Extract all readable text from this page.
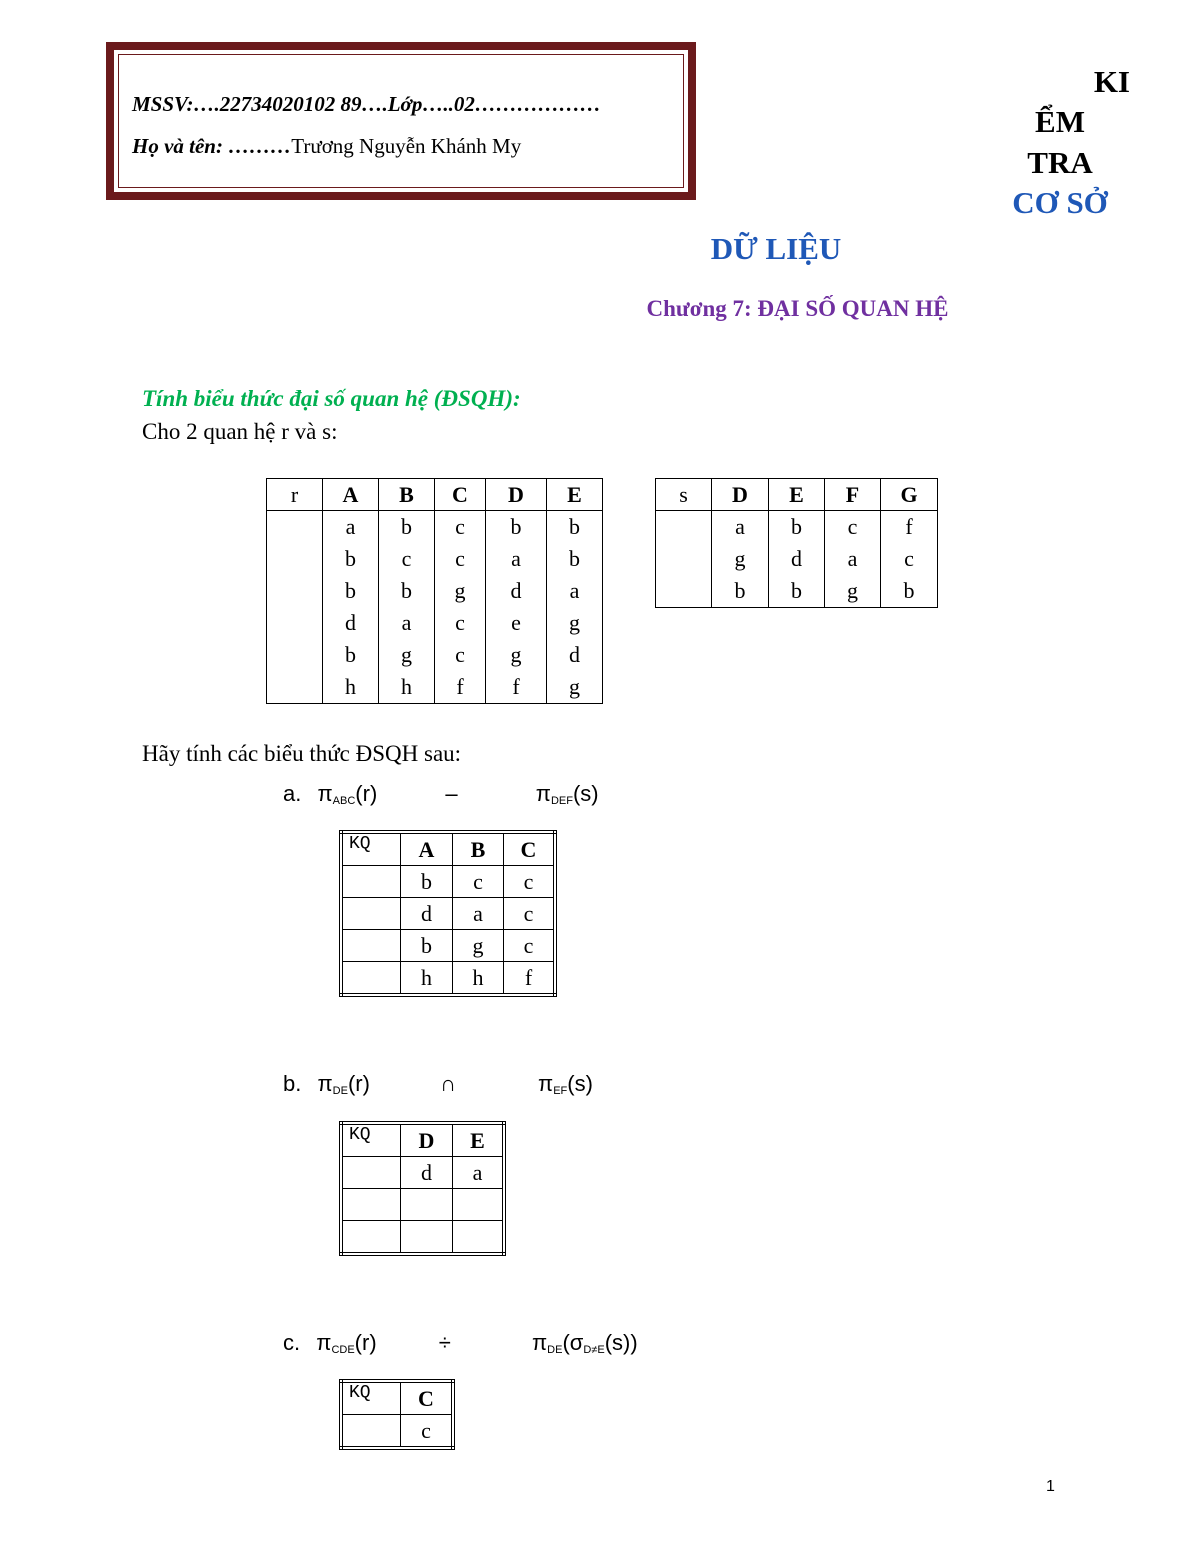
MSSV:….22734020102 89….Lớp…..02………………
Họ và tên: ………Trương Nguyễn Khánh My
KI
ỂM
TRA
CƠ SỞ
DỮ LIỆU
Chương 7: ĐẠI SỐ QUAN HỆ
Tính biểu thức đại số quan hệ (ĐSQH):
Cho 2 quan hệ r và s:
r	A	B	C	D	E
	a	b	c	b	b
	b	c	c	a	b
	b	b	g	d	a
	d	a	c	e	g
	b	g	c	g	d
	h	h	f	f	g
s	D	E	F	G
	a	b	c	f
	g	d	a	c
	b	b	g	b
Hãy tính các biểu thức ĐSQH sau:
a. $\pi_{ABC}(r)$	–	$\pi_{DEF}(s)$
KQ	A	B	C
	b	c	c
	d	a	c
	b	g	c
	h	h	f
b. $\pi_{DE}(r)$	∩	$\pi_{EF}(s)$
KQ	D	E
	d	a

c. $\pi_{CDE}(r)$	÷	$\pi_{DE}(\sigma_{D\ne E}(s))$
KQ	C
	c
1
